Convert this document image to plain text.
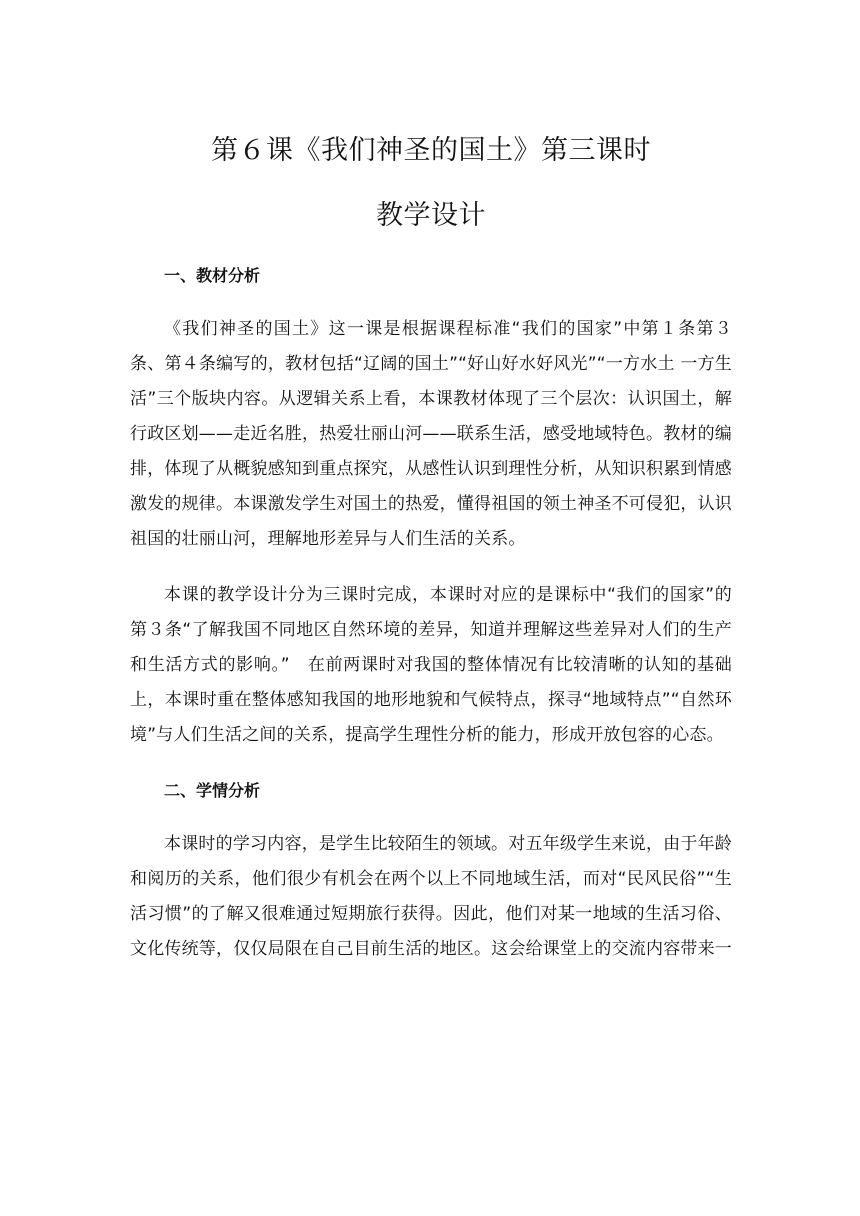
第６课《我们神圣的国土》第三课时
教学设计
一、教材分析

《我们神圣的国土》这一课是根据课程标准“我们的国家”中第１条第３条、第４条编写的，教材包括“辽阔的国土”“好山好水好风光”“一方水土 一方生活”三个版块内容。从逻辑关系上看，本课教材体现了三个层次：认识国土，解行政区划——走近名胜，热爱壮丽山河——联系生活，感受地域特色。教材的编排，体现了从概貌感知到重点探究，从感性认识到理性分析，从知识积累到情感激发的规律。本课激发学生对国土的热爱，懂得祖国的领土神圣不可侵犯，认识祖国的壮丽山河，理解地形差异与人们生活的关系。

本课的教学设计分为三课时完成，本课时对应的是课标中“我们的国家”的第３条“了解我国不同地区自然环境的差异，知道并理解这些差异对人们的生产和生活方式的影响。”　在前两课时对我国的整体情况有比较清晰的认知的基础上，本课时重在整体感知我国的地形地貌和气候特点，探寻“地域特点”“自然环境”与人们生活之间的关系，提高学生理性分析的能力，形成开放包容的心态。

二、学情分析

本课时的学习内容，是学生比较陌生的领域。对五年级学生来说，由于年龄和阅历的关系，他们很少有机会在两个以上不同地域生活，而对“民风民俗”“生活习惯”的了解又很难通过短期旅行获得。因此，他们对某一地域的生活习俗、文化传统等，仅仅局限在自己目前生活的地区。这会给课堂上的交流内容带来一
